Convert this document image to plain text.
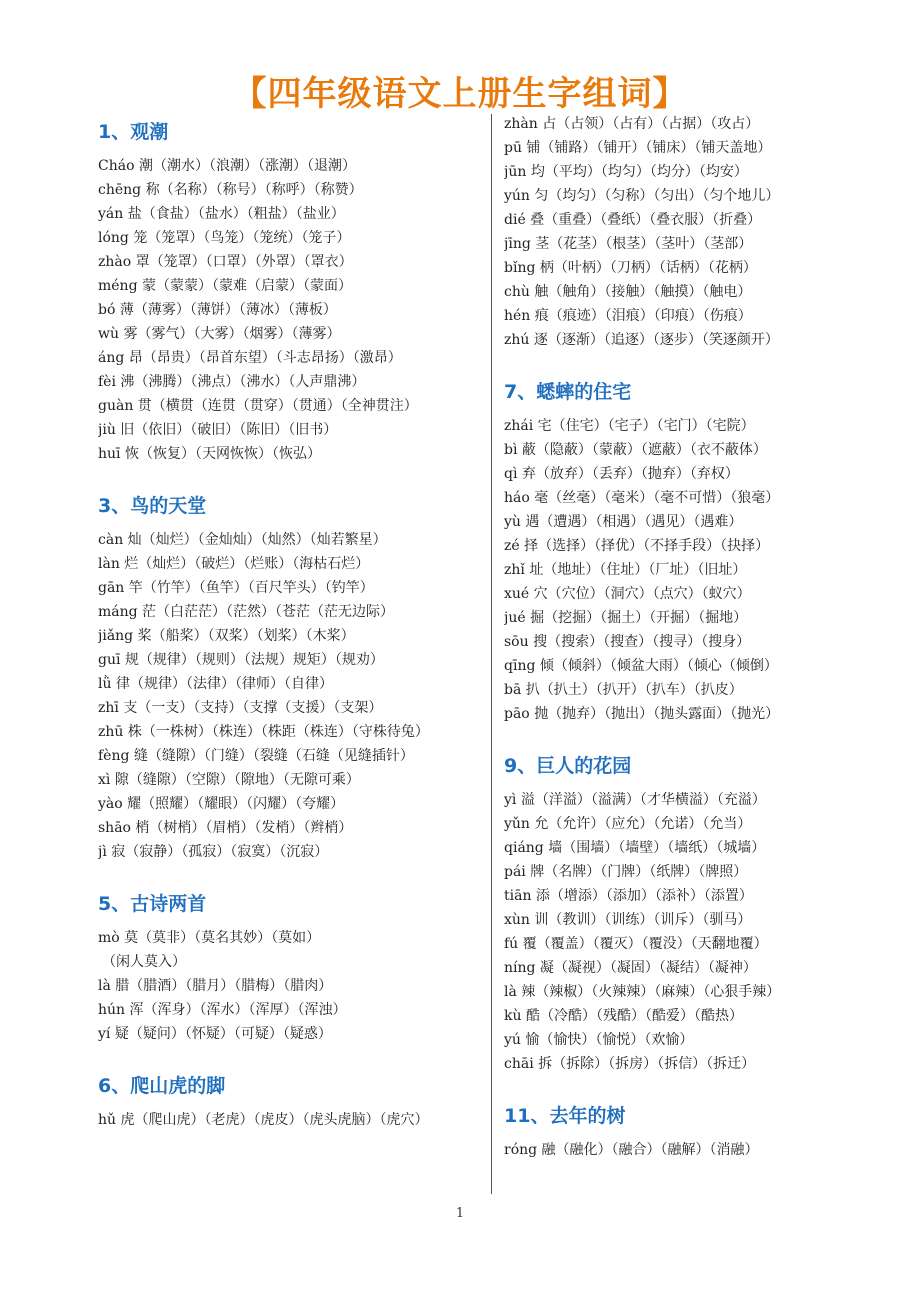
【四年级语文上册生字组词】
1、观潮
Cháo 潮（潮水）（浪潮）（涨潮）（退潮）
chēng 称（名称）（称号）（称呼）（称赞）
yán 盐（食盐）（盐水）（粗盐）（盐业）
lóng 笼（笼罩）（鸟笼）（笼统）（笼子）
zhào 罩（笼罩）（口罩）（外罩）（罩衣）
méng 蒙（蒙蒙）（蒙难（启蒙）（蒙面）
bó 薄（薄雾）（薄饼）（薄冰）（薄板）
wù 雾（雾气）（大雾）（烟雾）（薄雾）
áng 昂（昂贵）（昂首东望）（斗志昂扬）（激昂）
fèi 沸（沸腾）（沸点）（沸水）（人声鼎沸）
guàn 贯（横贯（连贯（贯穿）（贯通）（全神贯注）
jiù 旧（依旧）（破旧）（陈旧）（旧书）
huī 恢（恢复）（天网恢恢）（恢弘）
3、鸟的天堂
càn 灿（灿烂）（金灿灿）（灿然）（灿若繁星）
làn 烂（灿烂）（破烂）（烂账）（海枯石烂）
gān 竿（竹竿）（鱼竿）（百尺竿头）（钓竿）
máng 茫（白茫茫）（茫然）（苍茫（茫无边际）
jiǎng 桨（船桨）（双桨）（划桨）（木桨）
guī 规（规律）（规则）（法规）规矩）（规劝）
lǜ 律（规律）（法律）（律师）（自律）
zhī 支（一支）（支持）（支撑（支援）（支架）
zhū 株（一株树）（株连）（株距（株连）（守株待兔）
fèng 缝（缝隙）（门缝）（裂缝（石缝（见缝插针）
xì 隙（缝隙）（空隙）（隙地）（无隙可乘）
yào 耀（照耀）（耀眼）（闪耀）（夸耀）
shāo 梢（树梢）（眉梢）（发梢）（辫梢）
jì 寂（寂静）（孤寂）（寂寞）（沉寂）
5、古诗两首
mò 莫（莫非）（莫名其妙）（莫如）
（闲人莫入）
là 腊（腊酒）（腊月）（腊梅）（腊肉）
hún 浑（浑身）（浑水）（浑厚）（浑浊）
yí 疑（疑问）（怀疑）（可疑）（疑惑）
6、爬山虎的脚
hǔ 虎（爬山虎）（老虎）（虎皮）（虎头虎脑）（虎穴）
zhàn 占（占领）（占有）（占据）（攻占）
pū 铺（铺路）（铺开）（铺床）（铺天盖地）
jūn 均（平均）（均匀）（均分）（均安）
yún 匀（均匀）（匀称）（匀出）（匀个地儿）
dié 叠（重叠）（叠纸）（叠衣服）（折叠）
jīng 茎（花茎）（根茎）（茎叶）（茎部）
bǐng 柄（叶柄）（刀柄）（话柄）（花柄）
chù 触（触角）（接触）（触摸）（触电）
hén 痕（痕迹）（泪痕）（印痕）（伤痕）
zhú 逐（逐渐）（追逐）（逐步）（笑逐颜开）
7、蟋蟀的住宅
zhái 宅（住宅）（宅子）（宅门）（宅院）
bì 蔽（隐蔽）（蒙蔽）（遮蔽）（衣不蔽体）
qì 弃（放弃）（丢弃）（抛弃）（弃权）
háo 毫（丝毫）（毫米）（毫不可惜）（狼毫）
yù 遇（遭遇）（相遇）（遇见）（遇难）
zé 择（选择）（择优）（不择手段）（抉择）
zhǐ 址（地址）（住址）（厂址）（旧址）
xué 穴（穴位）（洞穴）（点穴）（蚁穴）
jué 掘（挖掘）（掘土）（开掘）（掘地）
sōu 搜（搜索）（搜查）（搜寻）（搜身）
qīng 倾（倾斜）（倾盆大雨）（倾心（倾倒）
bā 扒（扒土）（扒开）（扒车）（扒皮）
pāo 抛（抛弃）（抛出）（抛头露面）（抛光）
9、巨人的花园
yì 溢（洋溢）（溢满）（才华横溢）（充溢）
yǔn 允（允许）（应允）（允诺）（允当）
qiáng 墙（围墙）（墙壁）（墙纸）（城墙）
pái 牌（名牌）（门牌）（纸牌）（牌照）
tiān 添（增添）（添加）（添补）（添置）
xùn 训（教训）（训练）（训斥）（驯马）
fú 覆（覆盖）（覆灭）（覆没）（天翻地覆）
níng 凝（凝视）（凝固）（凝结）（凝神）
là 辣（辣椒）（火辣辣）（麻辣）（心狠手辣）
kù 酷（冷酷）（残酷）（酷爱）（酷热）
yú 愉（愉快）（愉悦）（欢愉）
chāi 拆（拆除）（拆房）（拆信）（拆迁）
11、去年的树
róng 融（融化）（融合）（融解）（消融）
1
